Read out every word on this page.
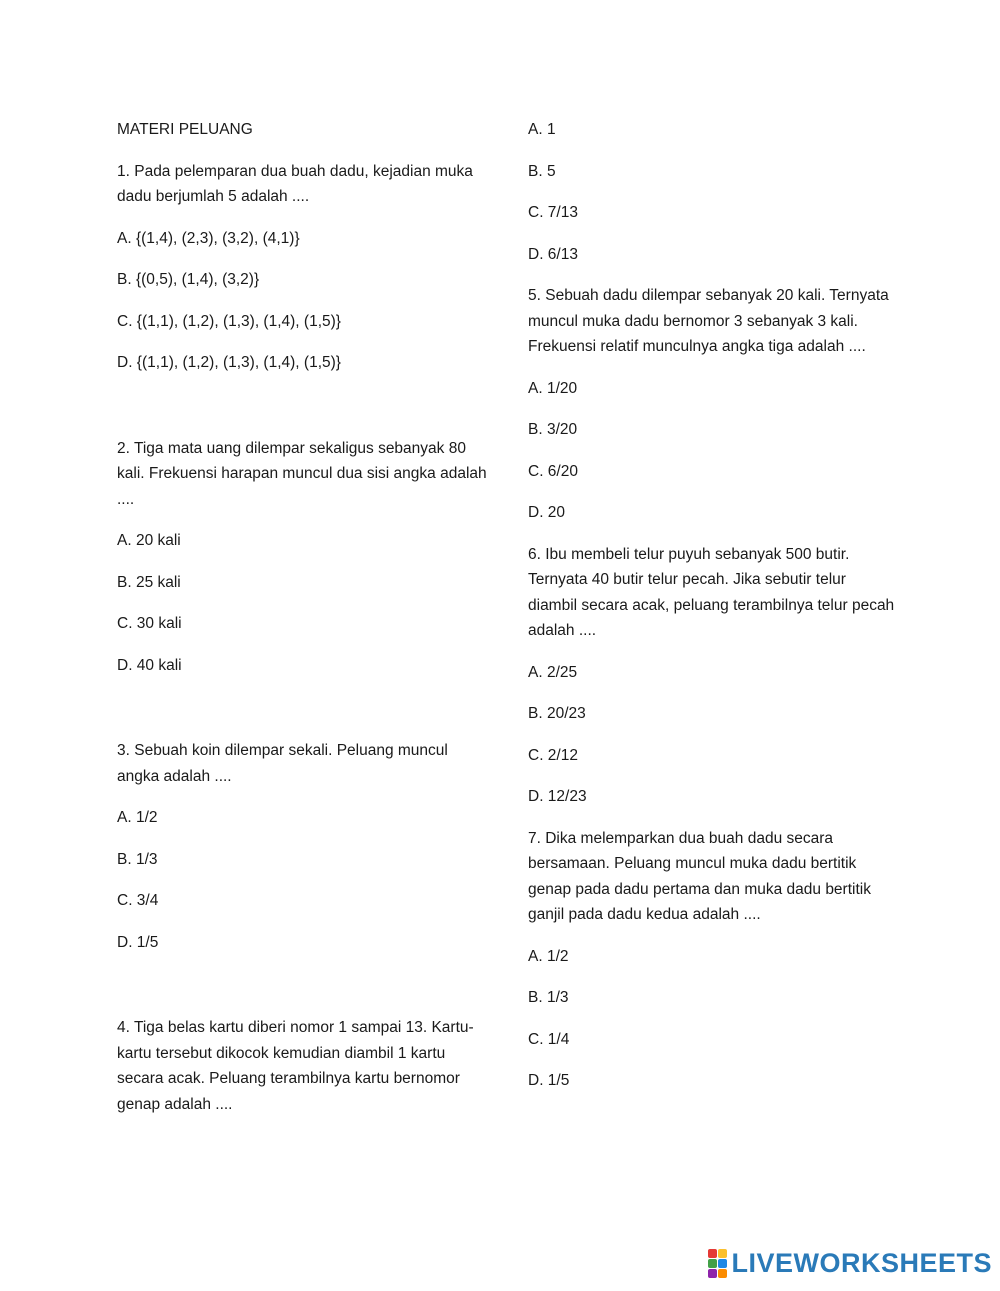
MATERI PELUANG

1. Pada pelemparan dua buah dadu, kejadian muka dadu berjumlah 5 adalah ....

A. {(1,4), (2,3), (3,2), (4,1)}

B. {(0,5), (1,4), (3,2)}

C. {(1,1), (1,2), (1,3), (1,4), (1,5)}

D. {(1,1), (1,2), (1,3), (1,4), (1,5)}

2. Tiga mata uang dilempar sekaligus sebanyak 80 kali. Frekuensi harapan muncul dua sisi angka adalah ....

A. 20 kali

B. 25 kali

C. 30 kali

D. 40 kali

3. Sebuah koin dilempar sekali. Peluang muncul angka adalah ....

A. 1/2

B. 1/3

C. 3/4

D. 1/5

4. Tiga belas kartu diberi nomor 1 sampai 13. Kartu-kartu tersebut dikocok kemudian diambil 1 kartu secara acak. Peluang terambilnya kartu bernomor genap adalah ....

A. 1

B. 5

C. 7/13

D. 6/13

5. Sebuah dadu dilempar sebanyak 20 kali. Ternyata muncul muka dadu bernomor 3 sebanyak 3 kali. Frekuensi relatif munculnya angka tiga adalah ....

A. 1/20

B. 3/20

C. 6/20

D. 20

6. Ibu membeli telur puyuh sebanyak 500 butir. Ternyata 40 butir telur pecah. Jika sebutir telur diambil secara acak, peluang terambilnya telur pecah adalah ....

A. 2/25

B. 20/23

C. 2/12

D. 12/23

7. Dika melemparkan dua buah dadu secara bersamaan. Peluang muncul muka dadu bertitik genap pada dadu pertama dan muka dadu bertitik ganjil pada dadu kedua adalah ....

A. 1/2

B. 1/3

C. 1/4

D. 1/5

LIVEWORKSHEETS
